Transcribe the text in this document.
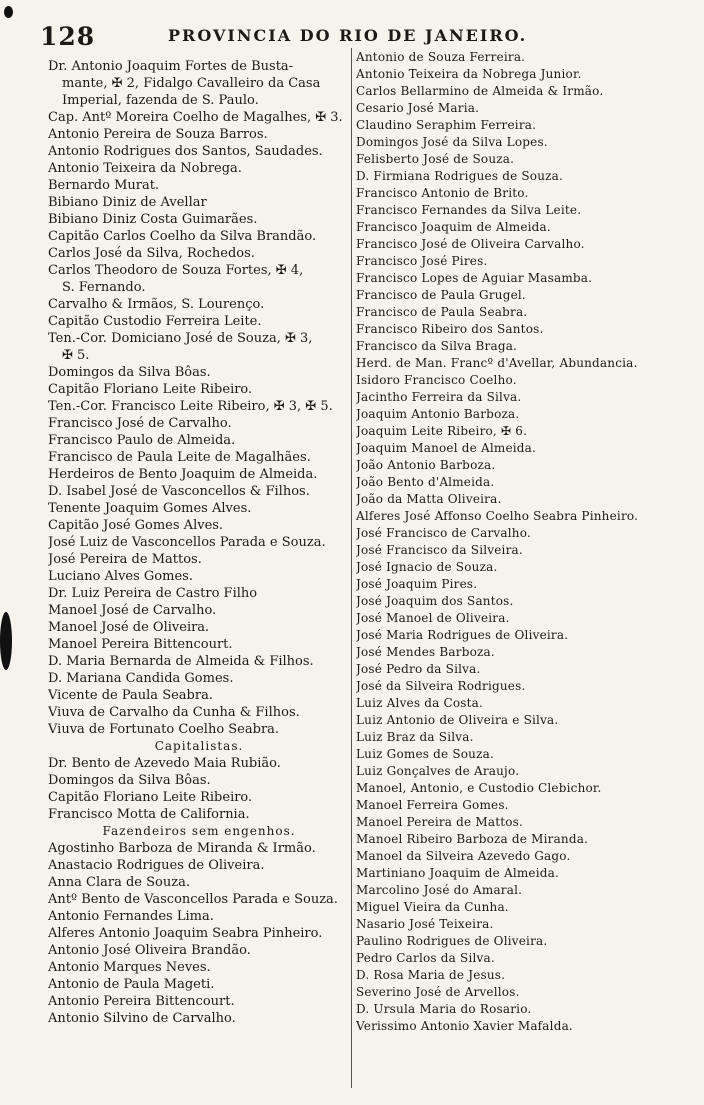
128	PROVINCIA DO RIO DE JANEIRO.
Dr. Antonio Joaquim Fortes de Busta-
mante, ✠ 2, Fidalgo Cavalleiro da Casa
Imperial, fazenda de S. Paulo.
Cap. Antº Moreira Coelho de Magalhes, ✠ 3.
Antonio Pereira de Souza Barros.
Antonio Rodrigues dos Santos, Saudades.
Antonio Teixeira da Nobrega.
Bernardo Murat.
Bibiano Diniz de Avellar
Bibiano Diniz Costa Guimarães.
Capitão Carlos Coelho da Silva Brandão.
Carlos José da Silva, Rochedos.
Carlos Theodoro de Souza Fortes, ✠ 4,
S. Fernando.
Carvalho & Irmãos, S. Lourenço.
Capitão Custodio Ferreira Leite.
Ten.-Cor. Domiciano José de Souza, ✠ 3,
✠ 5.
Domingos da Silva Bôas.
Capitão Floriano Leite Ribeiro.
Ten.-Cor. Francisco Leite Ribeiro, ✠ 3, ✠ 5.
Francisco José de Carvalho.
Francisco Paulo de Almeida.
Francisco de Paula Leite de Magalhães.
Herdeiros de Bento Joaquim de Almeida.
D. Isabel José de Vasconcellos & Filhos.
Tenente Joaquim Gomes Alves.
Capitão José Gomes Alves.
José Luiz de Vasconcellos Parada e Souza.
José Pereira de Mattos.
Luciano Alves Gomes.
Dr. Luiz Pereira de Castro Filho
Manoel José de Carvalho.
Manoel José de Oliveira.
Manoel Pereira Bittencourt.
D. Maria Bernarda de Almeida & Filhos.
D. Mariana Candida Gomes.
Vicente de Paula Seabra.
Viuva de Carvalho da Cunha & Filhos.
Viuva de Fortunato Coelho Seabra.
Capitalistas.
Dr. Bento de Azevedo Maia Rubião.
Domingos da Silva Bôas.
Capitão Floriano Leite Ribeiro.
Francisco Motta de California.
Fazendeiros sem engenhos.
Agostinho Barboza de Miranda & Irmão.
Anastacio Rodrigues de Oliveira.
Anna Clara de Souza.
Antº Bento de Vasconcellos Parada e Souza.
Antonio Fernandes Lima.
Alferes Antonio Joaquim Seabra Pinheiro.
Antonio José Oliveira Brandão.
Antonio Marques Neves.
Antonio de Paula Mageti.
Antonio Pereira Bittencourt.
Antonio Silvino de Carvalho.
Antonio de Souza Ferreira.
Antonio Teixeira da Nobrega Junior.
Carlos Bellarmino de Almeida & Irmão.
Cesario José Maria.
Claudino Seraphim Ferreira.
Domingos José da Silva Lopes.
Felisberto José de Souza.
D. Firmiana Rodrigues de Souza.
Francisco Antonio de Brito.
Francisco Fernandes da Silva Leite.
Francisco Joaquim de Almeida.
Francisco José de Oliveira Carvalho.
Francisco José Pires.
Francisco Lopes de Aguiar Masamba.
Francisco de Paula Grugel.
Francisco de Paula Seabra.
Francisco Ribeiro dos Santos.
Francisco da Silva Braga.
Herd. de Man. Francº d'Avellar, Abundancia.
Isidoro Francisco Coelho.
Jacintho Ferreira da Silva.
Joaquim Antonio Barboza.
Joaquim Leite Ribeiro, ✠ 6.
Joaquim Manoel de Almeida.
João Antonio Barboza.
João Bento d'Almeida.
João da Matta Oliveira.
Alferes José Affonso Coelho Seabra Pinheiro.
José Francisco de Carvalho.
José Francisco da Silveira.
José Ignacio de Souza.
José Joaquim Pires.
José Joaquim dos Santos.
José Manoel de Oliveira.
José Maria Rodrigues de Oliveira.
José Mendes Barboza.
José Pedro da Silva.
José da Silveira Rodrigues.
Luiz Alves da Costa.
Luiz Antonio de Oliveira e Silva.
Luiz Braz da Silva.
Luiz Gomes de Souza.
Luiz Gonçalves de Araujo.
Manoel, Antonio, e Custodio Clebichor.
Manoel Ferreira Gomes.
Manoel Pereira de Mattos.
Manoel Ribeiro Barboza de Miranda.
Manoel da Silveira Azevedo Gago.
Martiniano Joaquim de Almeida.
Marcolino José do Amaral.
Miguel Vieira da Cunha.
Nasario José Teixeira.
Paulino Rodrigues de Oliveira.
Pedro Carlos da Silva.
D. Rosa Maria de Jesus.
Severino José de Arvellos.
D. Ursula Maria do Rosario.
Verissimo Antonio Xavier Mafalda.
